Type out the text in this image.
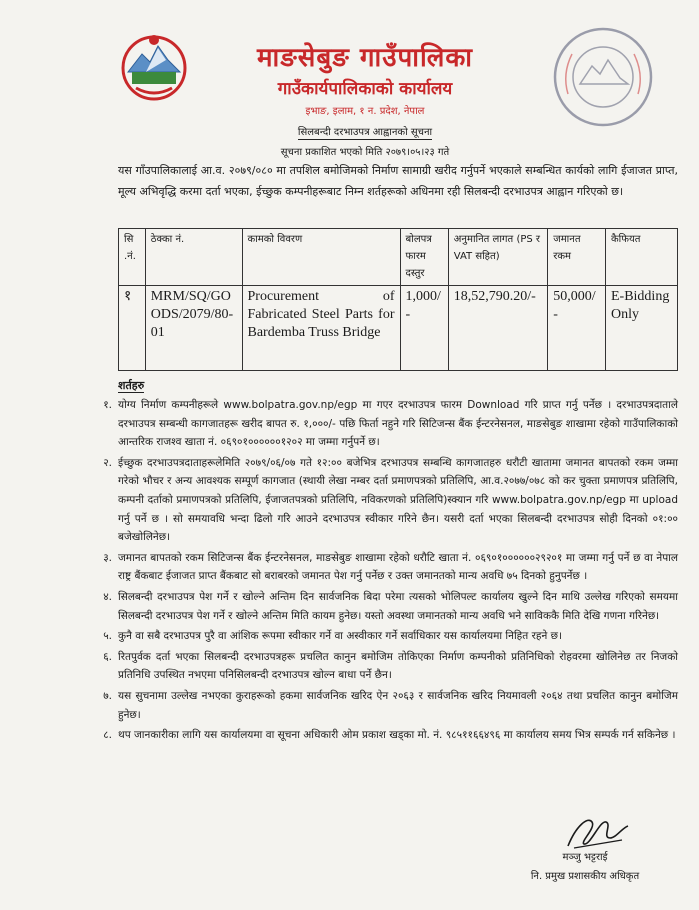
माङसेबुङ गाउँपालिका
गाउँकार्यपालिकाको कार्यालय
इभाङ, इलाम, १ न. प्रदेश, नेपाल
सिलबन्दी दरभाउपत्र आह्वानको सूचना
सूचना प्रकाशित भएको मिति २०७९।०५।२३ गते
यस गाँउपालिकालाई आ.व. २०७९/०८० मा तपशिल बमोजिमको निर्माण सामाग्री खरीद गर्नुपर्ने भएकाले सम्बन्धित कार्यको लागि ईजाजत प्राप्त, मूल्य अभिवृद्धि करमा दर्ता भएका, ईच्छुक कम्पनीहरूबाट निम्न शर्तहरूको अधिनमा रही सिलबन्दी दरभाउपत्र आह्वान गरिएको छ।
सि .नं.	ठेक्का नं.	कामको विवरण	बोलपत्र फारम दस्तुर	अनुमानित लागत (PS र VAT सहित)	जमानत रकम	कैफियत
१	MRM/SQ/GOODS/2079/80-01	Procurement of Fabricated Steel Parts for Bardemba Truss Bridge	1,000/-	18,52,790.20/-	50,000/-	E-Bidding Only
शर्तहरु
१. योग्य निर्माण कम्पनीहरूले www.bolpatra.gov.np/egp मा गएर दरभाउपत्र फारम Download गरि प्राप्त गर्नु पर्नेछ । दरभाउपत्रदाताले दरभाउपत्र सम्बन्धी कागजातहरू खरीद बापत रु. १,०००/- पछि फिर्ता नहुने गरि सिटिजन्स बैंक ईन्टरनेसनल, माङसेबुङ शाखामा रहेको गाउँपालिकाको आन्तरिक राजश्व खाता नं. ०६९०१००००००१२०२ मा जम्मा गर्नुपर्ने छ।
२. ईच्छुक दरभाउपत्रदाताहरूलेमिति २०७९/०६/०७ गते १२:०० बजेभित्र दरभाउपत्र सम्बन्धि कागजातहरु धरौटी खातामा जमानत बापतको रकम जम्मा गरेको भौचर र अन्य आवश्यक सम्पूर्ण कागजात (स्थायी लेखा नम्बर दर्ता प्रमाणपत्रको प्रतिलिपि, आ.व.२०७७/०७८ को कर चुक्ता प्रमाणपत्र प्रतिलिपि, कम्पनी दर्ताको प्रमाणपत्रको प्रतिलिपि, ईजाजतपत्रको प्रतिलिपि, नविकरणको प्रतिलिपि)स्क्यान गरि www.bolpatra.gov.np/egp मा upload गर्नु पर्ने छ । सो समयावधि भन्दा ढिलो गरि आउने दरभाउपत्र स्वीकार गरिने छैन। यसरी दर्ता भएका सिलबन्दी दरभाउपत्र सोही दिनको ०१:०० बजेखोलिनेछ।
३. जमानत बापतको रकम सिटिजन्स बैंक ईन्टरनेसनल, माङसेबुङ शाखामा रहेको धरौटि खाता नं. ०६९०१००००००२९२०१ मा जम्मा गर्नु पर्ने छ वा नेपाल राष्ट्र बैंकबाट ईजाजत प्राप्त बैंकबाट सो बराबरको जमानत पेश गर्नु पर्नेछ र उक्त जमानतको मान्य अवधि ७५ दिनको हुनुपर्नेछ ।
४. सिलबन्दी दरभाउपत्र पेश गर्ने र खोल्ने अन्तिम दिन सार्वजनिक बिदा परेमा त्यसको भोलिपल्ट कार्यालय खुल्ने दिन माथि उल्लेख गरिएको समयमा सिलबन्दी दरभाउपत्र पेश गर्ने र खोल्ने अन्तिम मिति कायम हुनेछ। यस्तो अवस्था जमानतको मान्य अवधि भने साविककै मिति देखि गणना गरिनेछ।
५. कुनै वा सबै दरभाउपत्र पुरै वा आंशिक रूपमा स्वीकार गर्ने वा अस्वीकार गर्ने सर्वाधिकार यस कार्यालयमा निहित रहने छ।
६. रितपुर्वक दर्ता भएका सिलबन्दी दरभाउपत्रहरू प्रचलित कानुन बमोजिम तोकिएका निर्माण कम्पनीको प्रतिनिधिको रोहवरमा खोलिनेछ तर निजको प्रतिनिधि उपस्थित नभएमा पनिसिलबन्दी दरभाउपत्र खोल्न बाधा पर्ने छैन।
७. यस सुचनामा उल्लेख नभएका कुराहरूको हकमा सार्वजनिक खरिद ऐन २०६३ र सार्वजनिक खरिद नियमावली २०६४ तथा प्रचलित कानुन बमोजिम हुनेछ।
८. थप जानकारीका लागि यस कार्यालयमा वा सूचना अधिकारी ओम प्रकाश खड्का मो. नं. ९८५११६६४९६ मा कार्यालय समय भित्र सम्पर्क गर्न सकिनेछ ।
मञ्जु भट्टराई
नि. प्रमुख प्रशासकीय अधिकृत
